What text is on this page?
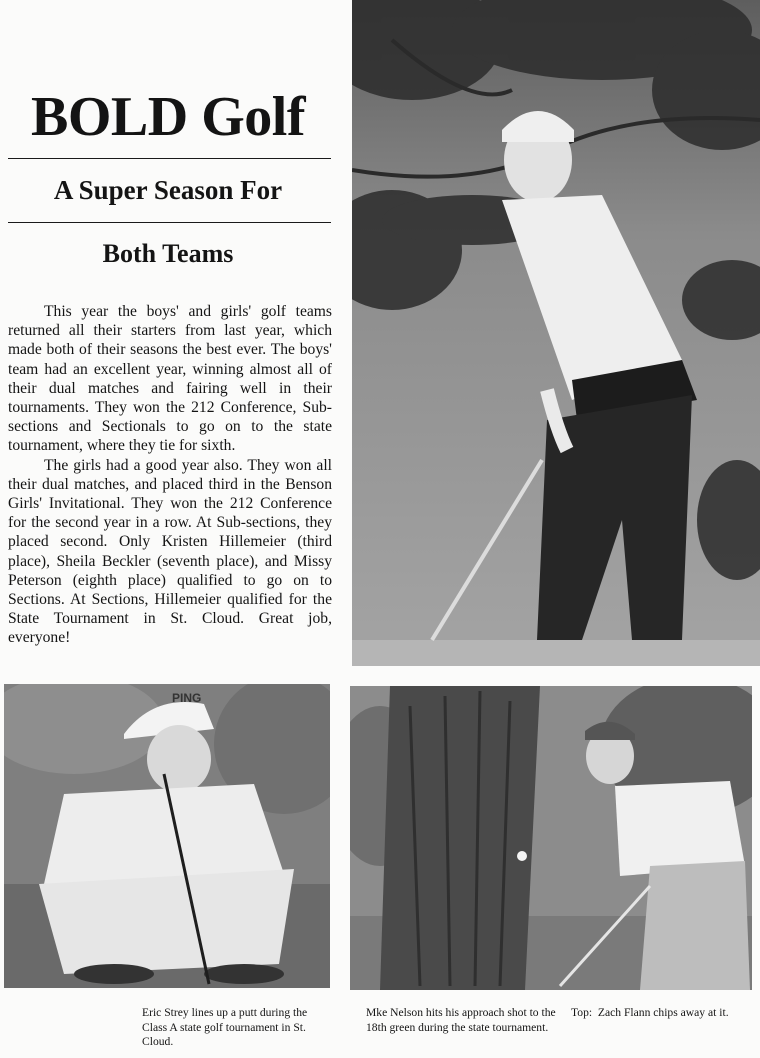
BOLD Golf
A Super Season For
Both Teams

This year the boys' and girls' golf teams returned all their starters from last year, which made both of their seasons the best ever. The boys' team had an excellent year, winning almost all of their dual matches and fairing well in their tournaments. They won the 212 Conference, Sub-sections and Sectionals to go on to the state tournament, where they tie for sixth.

The girls had a good year also. They won all their dual matches, and placed third in the Benson Girls' Invitational. They won the 212 Conference for the second year in a row. At Sub-sections, they placed second. Only Kristen Hillemeier (third place), Sheila Beckler (seventh place), and Missy Peterson (eighth place) qualified to go on to Sections. At Sections, Hillemeier qualified for the State Tournament in St. Cloud. Great job, everyone!

PING
Eric Strey lines up a putt during the Class A state golf tournament in St. Cloud.
Mke Nelson hits his approach shot to the 18th green during the state tournament.
Top:  Zach Flann chips away at it.
